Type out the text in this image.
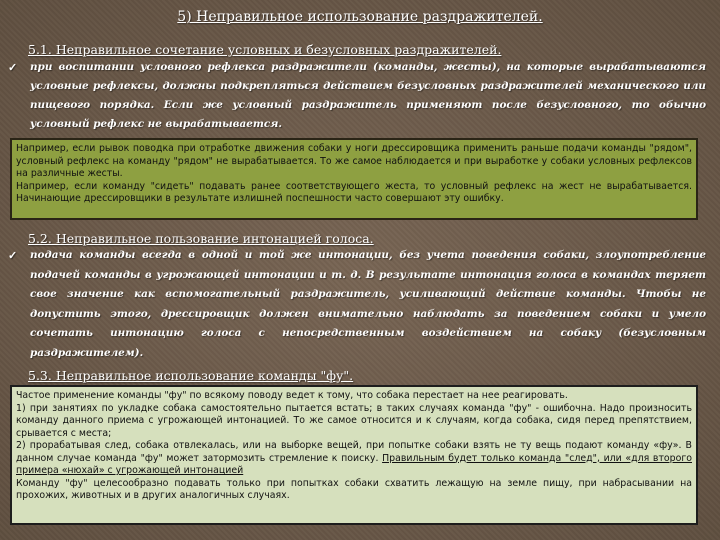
5) Неправильное использование раздражителей.
5.1. Неправильное сочетание условных и безусловных раздражителей.
✓ при воспитании условного рефлекса раздражители (команды, жесты), на которые вырабатываются условные рефлексы, должны подкрепляться действием безусловных раздражителей механического или пищевого порядка. Если же условный раздражитель применяют после безусловного, то обычно условный рефлекс не вырабатывается.

Например, если рывок поводка при отработке движения собаки у ноги дрессировщика применить раньше подачи команды "рядом", условный рефлекс на команду "рядом" не вырабатывается. То же самое наблюдается и при выработке у собаки условных рефлексов на различные жесты.

Например, если команду "сидеть" подавать ранее соответствующего жеста, то условный рефлекс на жест не вырабатывается. Начинающие дрессировщики в результате излишней поспешности часто совершают эту ошибку.

5.2. Неправильное пользование интонацией голоса.
✓ подача команды всегда в одной и той же интонации, без учета поведения собаки, злоупотребление подачей команды в угрожающей интонации и т. д. В результате интонация голоса в командах теряет свое значение как вспомогательный раздражитель, усиливающий действие команды. Чтобы не допустить этого, дрессировщик должен внимательно наблюдать за поведением собаки и умело сочетать интонацию голоса с непосредственным воздействием на собаку (безусловным раздражителем).
5.3. Неправильное использование команды "фу".

Частое применение команды "фу" по всякому поводу ведет к тому, что собака перестает на нее реагировать.

1) при занятиях по укладке собака самостоятельно пытается встать; в таких случаях команда "фу" - ошибочна. Надо произносить команду данного приема с угрожающей интонацией. То же самое относится и к случаям, когда собака, сидя перед препятствием, срывается с места;

2) прорабатывая след, собака отвлекалась, или на выборке вещей, при попытке собаки взять не ту вещь подают команду «фу». В данном случае команда "фу" может затормозить стремление к поиску. Правильным будет только команда "след", или «для второго примера «нюхай» с угрожающей интонацией

Команду "фу" целесообразно подавать только при попытках собаки схватить лежащую на земле пищу, при набрасывании на прохожих, животных и в других аналогичных случаях.
